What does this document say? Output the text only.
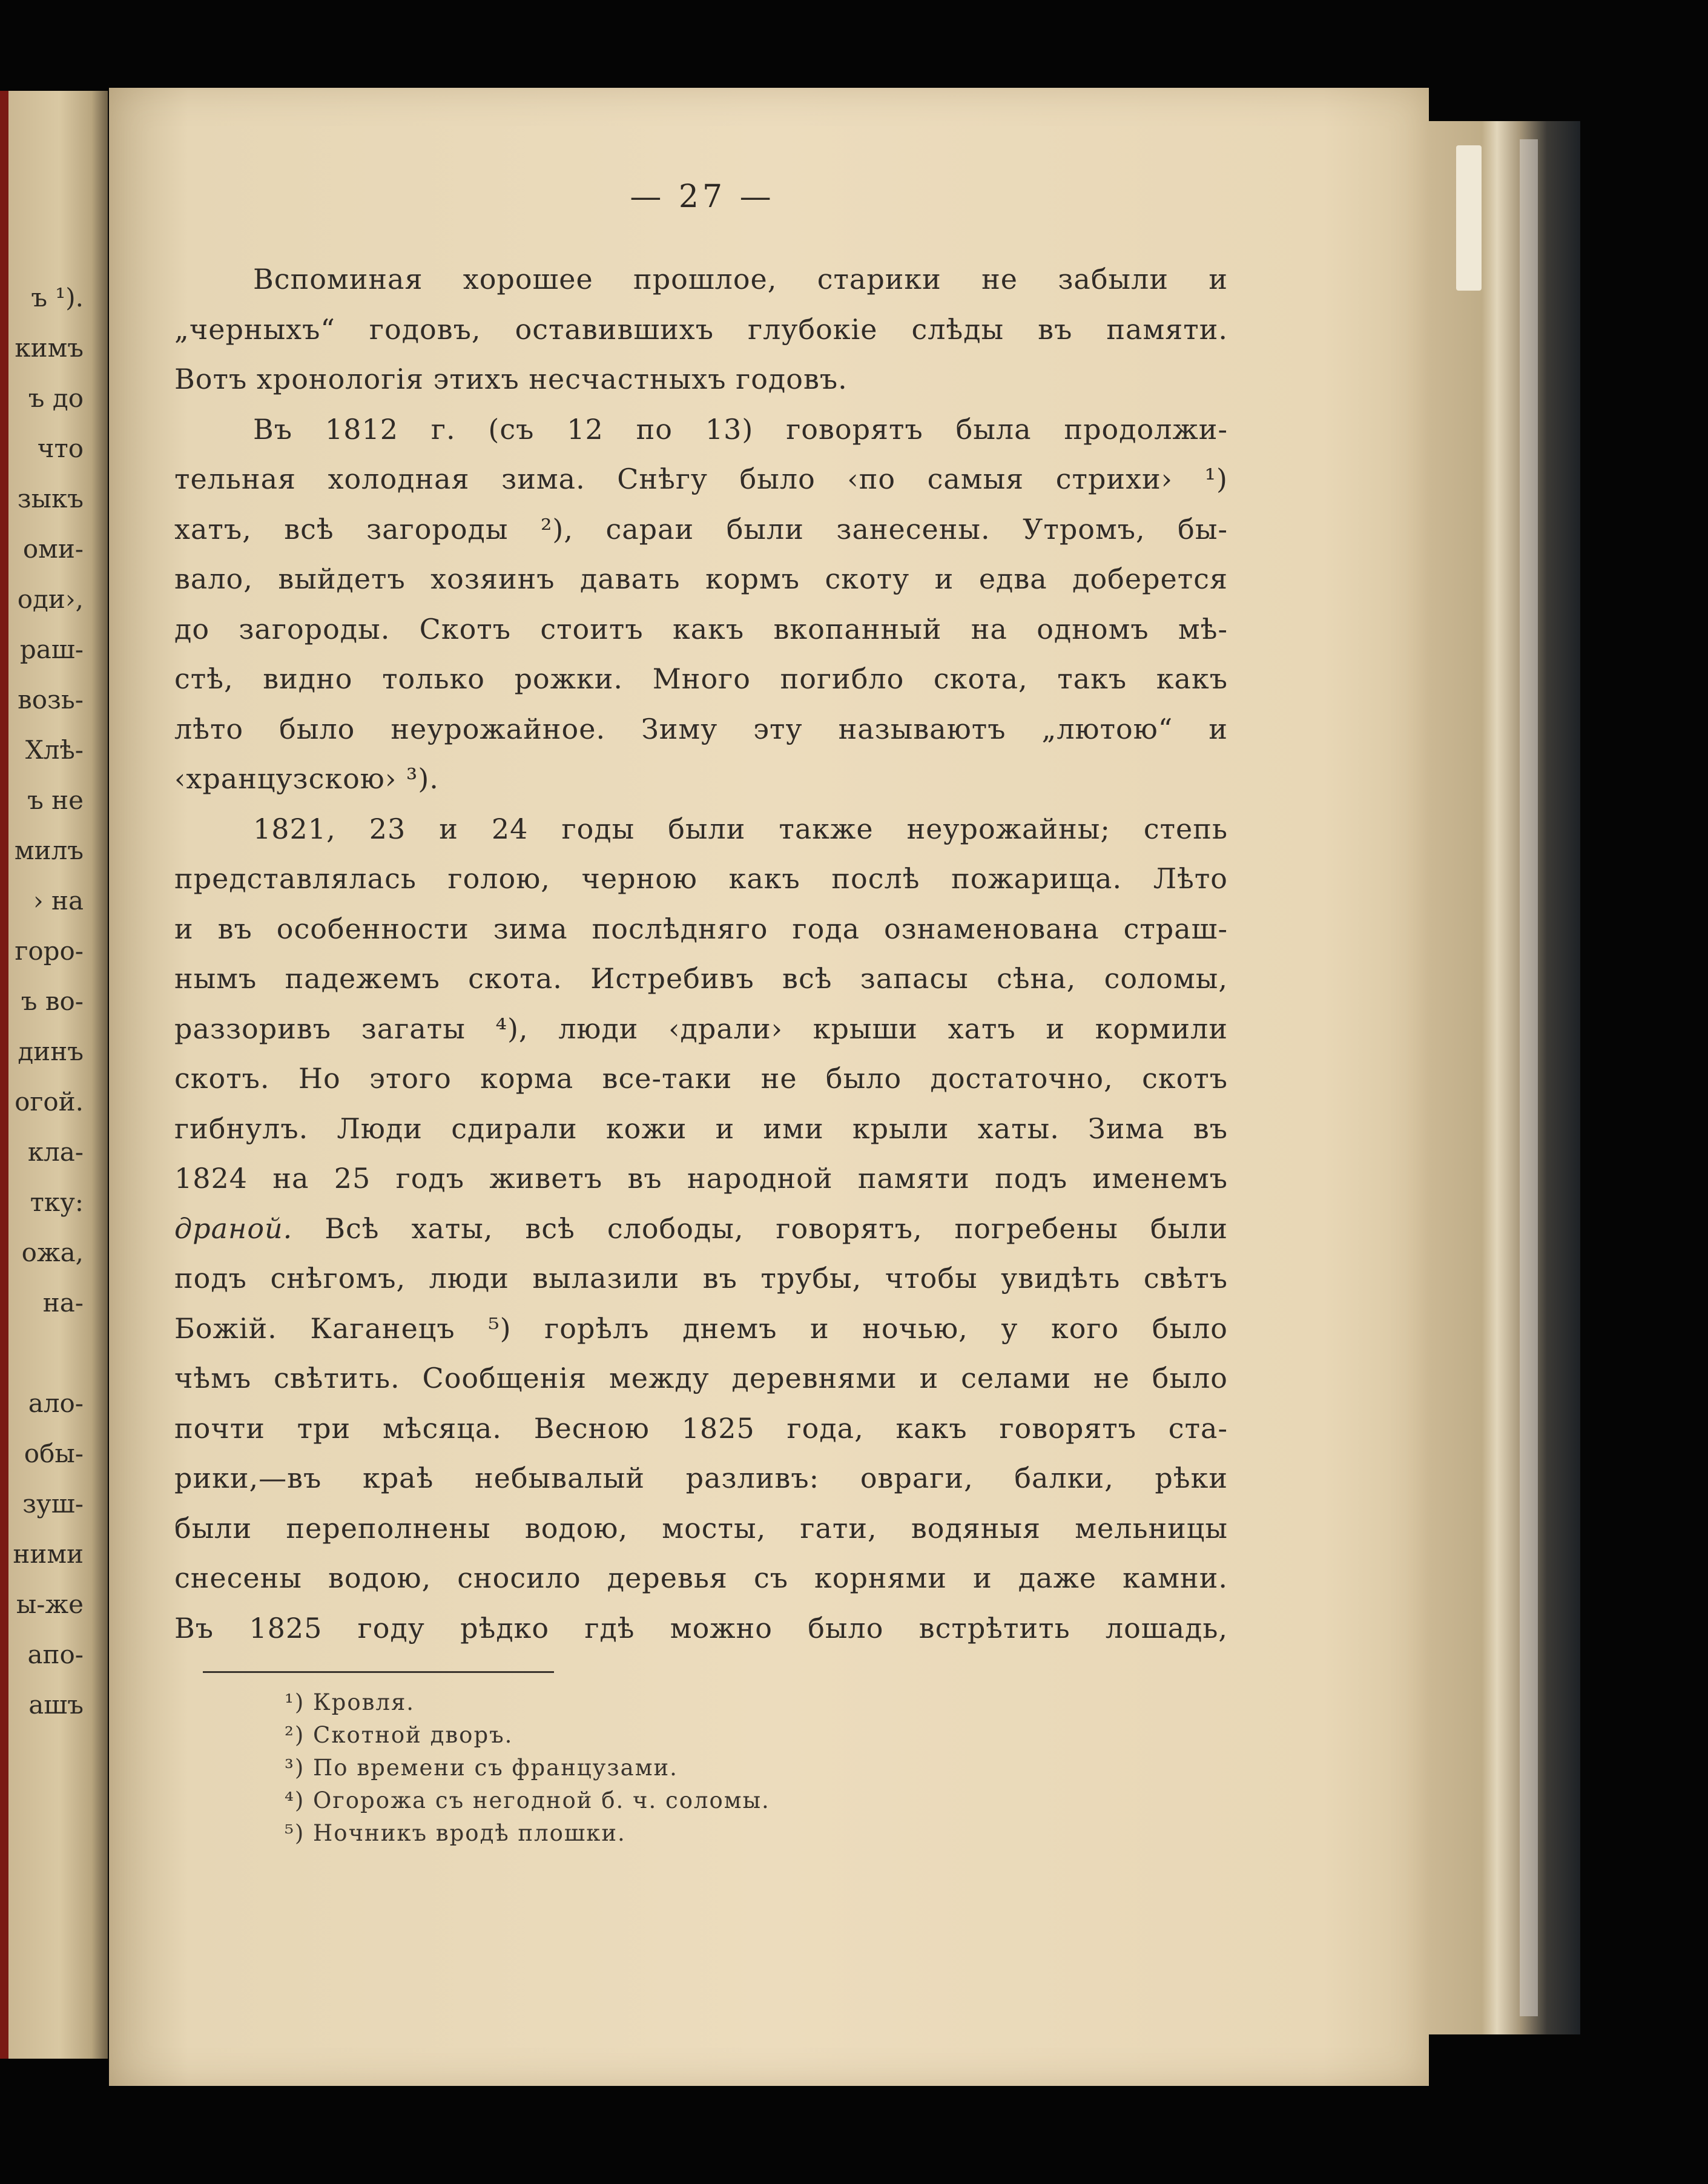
ъ ¹).
кимъ
ъ до
что
зыкъ
оми-
оди›,
раш-
возь-
Хлѣ-
ъ не
милъ
› на
горо-
ъ во-
динъ
огой.
кла-
тку:
ожа,
на-
ало-
обы-
зуш-
ними
ы-же
апо-
ашъ
— 27 —
Вспоминая хорошее прошлое, старики не забыли и
„черныхъ“ годовъ, оставившихъ глубокіе слѣды въ памяти.
Вотъ хронологія этихъ несчастныхъ годовъ.
Въ 1812 г. (съ 12 по 13) говорятъ была продолжи-
тельная холодная зима. Снѣгу было ‹по самыя стрихи› ¹)
хатъ, всѣ загороды ²), сараи были занесены. Утромъ, бы-
вало, выйдетъ хозяинъ давать кормъ скоту и едва доберется
до загороды. Скотъ стоитъ какъ вкопанный на одномъ мѣ-
стѣ, видно только рожки. Много погибло скота, такъ какъ
лѣто было неурожайное. Зиму эту называютъ „лютою“ и
‹хранцузскою› ³).
1821, 23 и 24 годы были также неурожайны; степь
представлялась голою, черною какъ послѣ пожарища. Лѣто
и въ особенности зима послѣдняго года ознаменована страш-
нымъ падежемъ скота. Истребивъ всѣ запасы сѣна, соломы,
раззоривъ загаты ⁴), люди ‹драли› крыши хатъ и кормили
скотъ. Но этого корма все-таки не было достаточно, скотъ
гибнулъ. Люди сдирали кожи и ими крыли хаты. Зима въ
1824 на 25 годъ живетъ въ народной памяти подъ именемъ
драной. Всѣ хаты, всѣ слободы, говорятъ, погребены были
подъ снѣгомъ, люди вылазили въ трубы, чтобы увидѣть свѣтъ
Божій. Каганецъ ⁵) горѣлъ днемъ и ночью, у кого было
чѣмъ свѣтить. Сообщенія между деревнями и селами не было
почти три мѣсяца. Весною 1825 года, какъ говорятъ ста-
рики,—въ краѣ небывалый разливъ: овраги, балки, рѣки
были переполнены водою, мосты, гати, водяныя мельницы
снесены водою, сносило деревья съ корнями и даже камни.
Въ 1825 году рѣдко гдѣ можно было встрѣтить лошадь,
¹) Кровля.
²) Скотной дворъ.
³) По времени съ французами.
⁴) Огорожа съ негодной б. ч. соломы.
⁵) Ночникъ вродѣ плошки.
